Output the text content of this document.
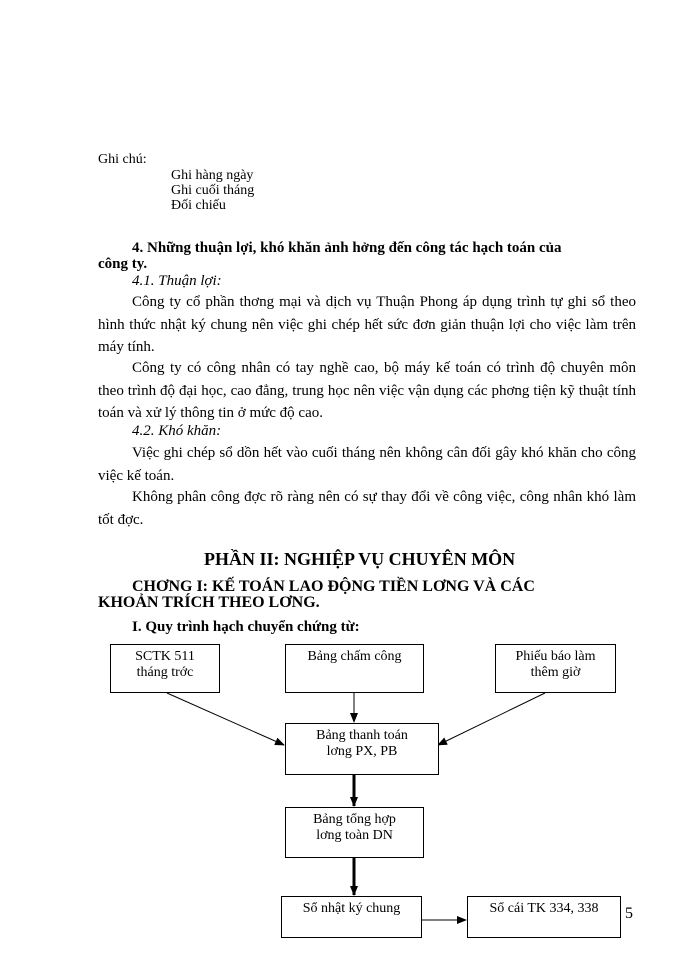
Ghi chú:
Ghi hàng ngày
Ghi cuối tháng
Đối chiếu
4. Những thuận lợi, khó khăn ảnh hởng đến công tác hạch toán của
công ty.
4.1. Thuận lợi:
Công ty cổ phần thơng mại và dịch vụ Thuận Phong áp dụng trình tự ghi sổ theo hình thức nhật ký chung nên việc ghi chép hết sức đơn giản thuận lợi cho việc làm trên máy tính.
Công ty có công nhân có tay nghề cao, bộ máy kế toán có trình độ chuyên môn theo trình độ đại học, cao đẳng, trung học nên việc vận dụng các phơng tiện kỹ thuật tính toán và xử lý thông tin ở mức độ cao.
4.2. Khó khăn:
Việc ghi chép sổ dồn hết vào cuối tháng nên không cân đối gây khó khăn cho công việc kế toán.
Không phân công đợc rõ ràng nên có sự thay đổi về công việc, công nhân khó làm tốt đợc.
PHẦN II: NGHIỆP VỤ CHUYÊN MÔN
CHƠNG I: KẾ TOÁN LAO ĐỘNG TIỀN LƠNG VÀ CÁC
KHOẢN TRÍCH THEO LƠNG.
I. Quy trình hạch chuyển chứng từ:
SCTK 511
tháng trớc
Bảng chấm công	Phiếu báo làm
thêm giờ
Bảng thanh toán
lơng PX, PB
Bảng tổng hợp
lơng toàn DN
Sổ nhật ký chung	Sổ cái TK 334, 338	5
